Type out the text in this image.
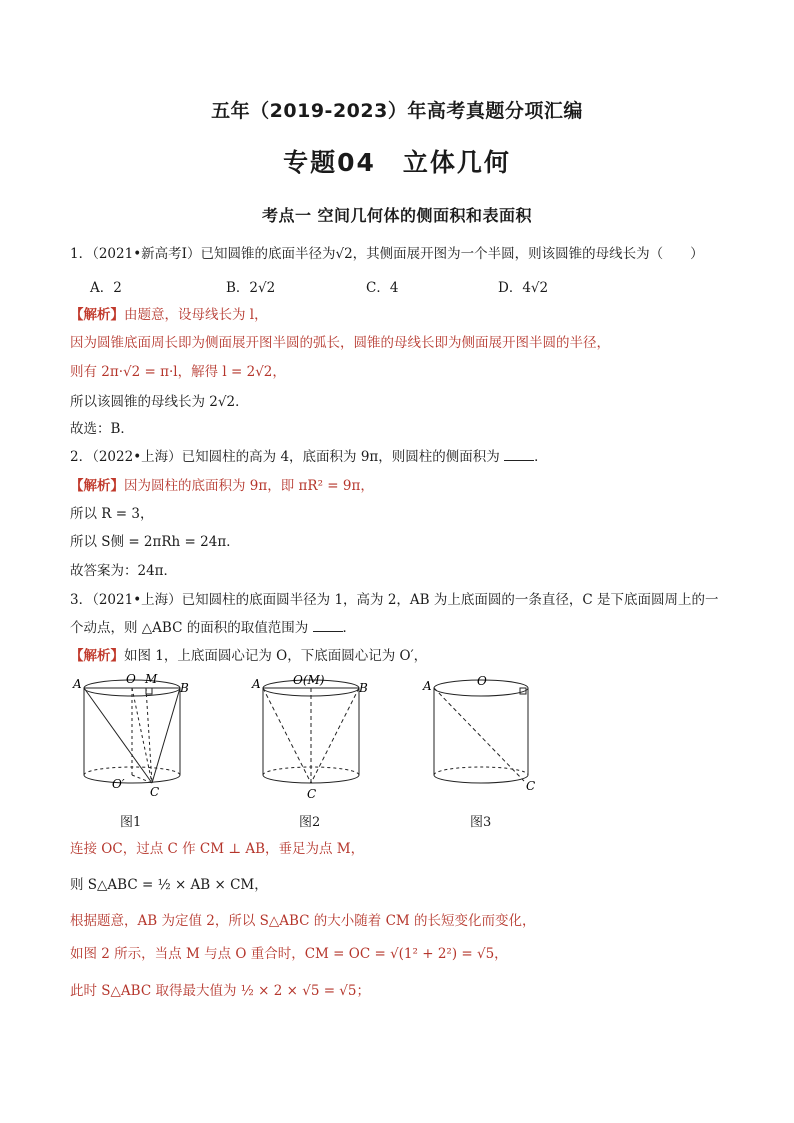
五年（2019-2023）年高考真题分项汇编
专题04　立体几何
考点一 空间几何体的侧面积和表面积
1．（2021•新高考Ⅰ）已知圆锥的底面半径为√2，其侧面展开图为一个半圆，则该圆锥的母线长为（　　）
A．2	B．2√2	C．4	D．4√2
【解析】由题意，设母线长为 l，
因为圆锥底面周长即为侧面展开图半圆的弧长，圆锥的母线长即为侧面展开图半圆的半径，
则有 2π·√2 = π·l，解得 l = 2√2，
所以该圆锥的母线长为 2√2．
故选：B．
2．（2022•上海）已知圆柱的高为 4，底面积为 9π，则圆柱的侧面积为	．
【解析】因为圆柱的底面积为 9π，即 πR² = 9π，
所以 R = 3，
所以 S侧 = 2πRh = 24π．
故答案为：24π．
3．（2021•上海）已知圆柱的底面圆半径为 1，高为 2，AB 为上底面圆的一条直径，C 是下底面圆周上的一
个动点，则 △ABC 的面积的取值范围为	．
【解析】如图 1，上底面圆心记为 O，下底面圆心记为 O′，
A	O M
B
O′
C
图1
A	O(M)
B
C
图2
A	O
C
图3
连接 OC，过点 C 作 CM ⊥ AB，垂足为点 M，
则 S△ABC = ½ × AB × CM，
根据题意，AB 为定值 2，所以 S△ABC 的大小随着 CM 的长短变化而变化，
如图 2 所示，当点 M 与点 O 重合时，CM = OC = √(1² + 2²) = √5，
此时 S△ABC 取得最大值为 ½ × 2 × √5 = √5；
